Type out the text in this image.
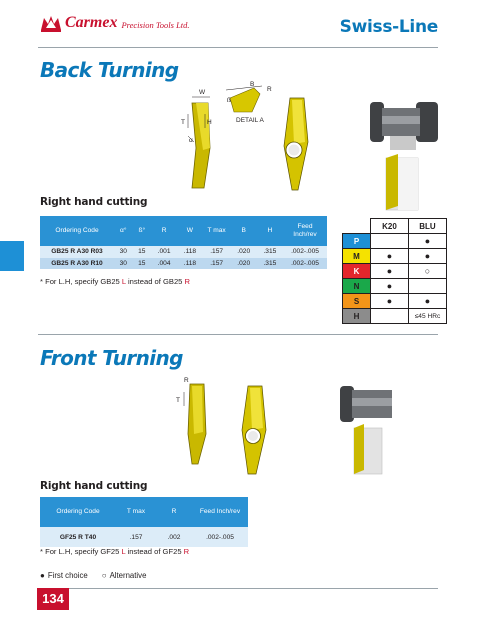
Carmex Precision Tools Ltd.	Swiss-Line
Back Turning
W
T	H
α
B
R
ß
DETAIL A
Right hand cutting
Ordering Code	α°	ß°	R	W	T max	B	H	Feed Inch/rev
GB25 R A30 R03	30	15	.001	.118	.157	.020	.315	.002-.005
GB25 R A30 R10	30	15	.004	.118	.157	.020	.315	.002-.005
* For L.H, specify GB25 L instead of GB25 R
	K20	BLU
P		●
M	●	●
K	●	○
N	●	
S	●	●
H		≤45 HRc
Front Turning
R
T
Right hand cutting
Ordering Code	T max	R	Feed Inch/rev
GF25 R T40	.157	.002	.002-.005
* For L.H, specify GF25 L instead of GF25 R
● First choice ○ Alternative
134
